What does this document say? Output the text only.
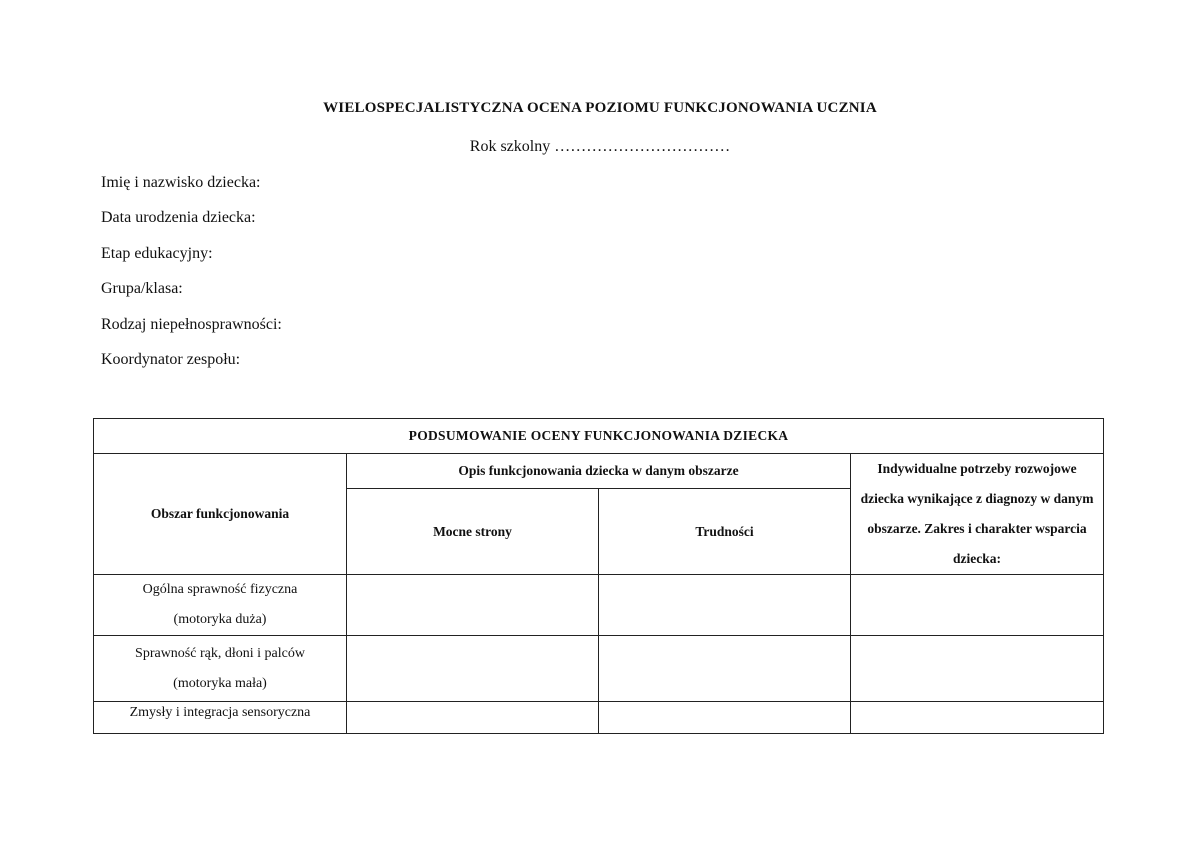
WIELOSPECJALISTYCZNA OCENA POZIOMU FUNKCJONOWANIA UCZNIA
Rok szkolny ……………………………
Imię i nazwisko dziecka:
Data urodzenia dziecka:
Etap edukacyjny:
Grupa/klasa:
Rodzaj niepełnosprawności:
Koordynator zespołu:
PODSUMOWANIE OCENY FUNKCJONOWANIA DZIECKA			
Obszar funkcjonowania	Opis funkcjonowania dziecka w danym obszarze		Indywidualne potrzeby rozwojowe dziecka wynikające z diagnozy w danym obszarze. Zakres i charakter wsparcia dziecka:
	Mocne strony	Trudności	

Ogólna sprawność fizyczna
(motoryka duża)			

Sprawność rąk, dłoni i palców
(motoryka mała)			

Zmysły i integracja sensoryczna			
